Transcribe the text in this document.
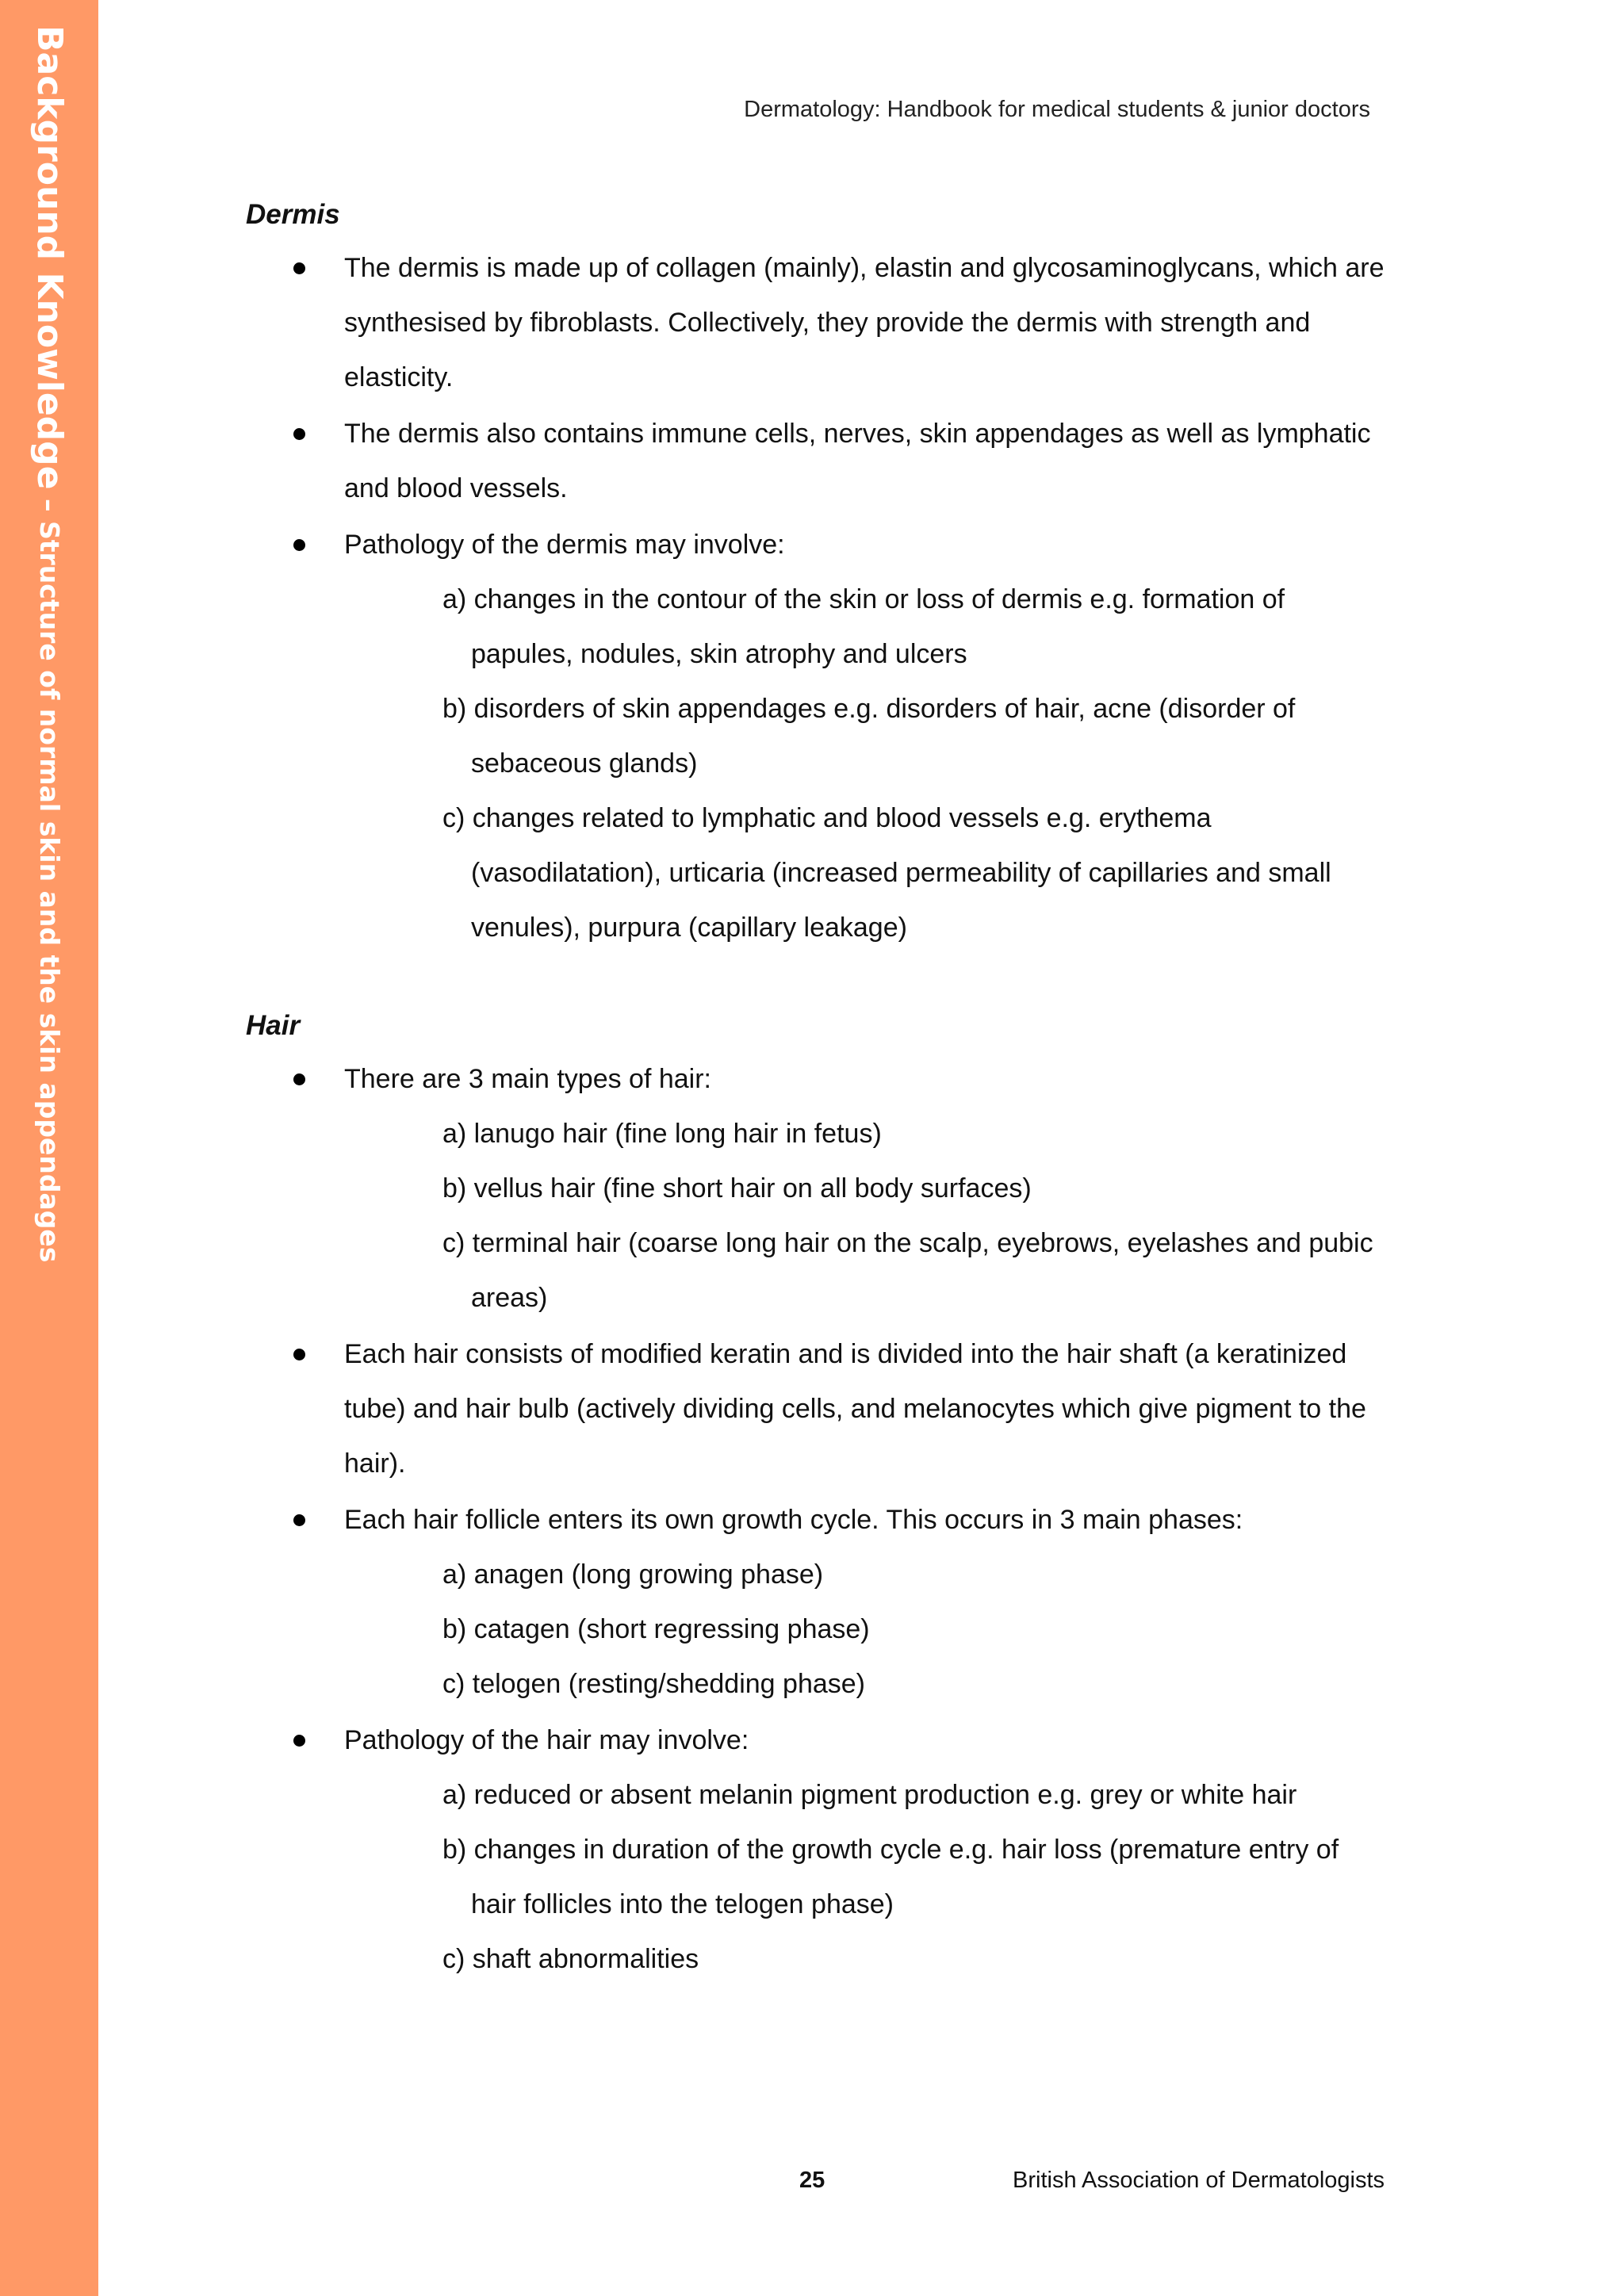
Background Knowledge – Structure of normal skin and the skin appendages
Dermatology: Handbook for medical students & junior doctors
Dermis
The dermis is made up of collagen (mainly), elastin and glycosaminoglycans, which are synthesised by fibroblasts. Collectively, they provide the dermis with strength and elasticity.
The dermis also contains immune cells, nerves, skin appendages as well as lymphatic and blood vessels.
Pathology of the dermis may involve:
a) changes in the contour of the skin or loss of dermis e.g. formation of papules, nodules, skin atrophy and ulcers
b) disorders of skin appendages e.g. disorders of hair, acne (disorder of sebaceous glands)
c) changes related to lymphatic and blood vessels e.g. erythema (vasodilatation), urticaria (increased permeability of capillaries and small venules), purpura (capillary leakage)
Hair
There are 3 main types of hair:
a) lanugo hair (fine long hair in fetus)
b) vellus hair (fine short hair on all body surfaces)
c) terminal hair (coarse long hair on the scalp, eyebrows, eyelashes and pubic areas)
Each hair consists of modified keratin and is divided into the hair shaft (a keratinized tube) and hair bulb (actively dividing cells, and melanocytes which give pigment to the hair).
Each hair follicle enters its own growth cycle. This occurs in 3 main phases:
a) anagen (long growing phase)
b) catagen (short regressing phase)
c) telogen (resting/shedding phase)
Pathology of the hair may involve:
a) reduced or absent melanin pigment production e.g. grey or white hair
b) changes in duration of the growth cycle e.g. hair loss (premature entry of hair follicles into the telogen phase)
c) shaft abnormalities
25	British Association of Dermatologists
